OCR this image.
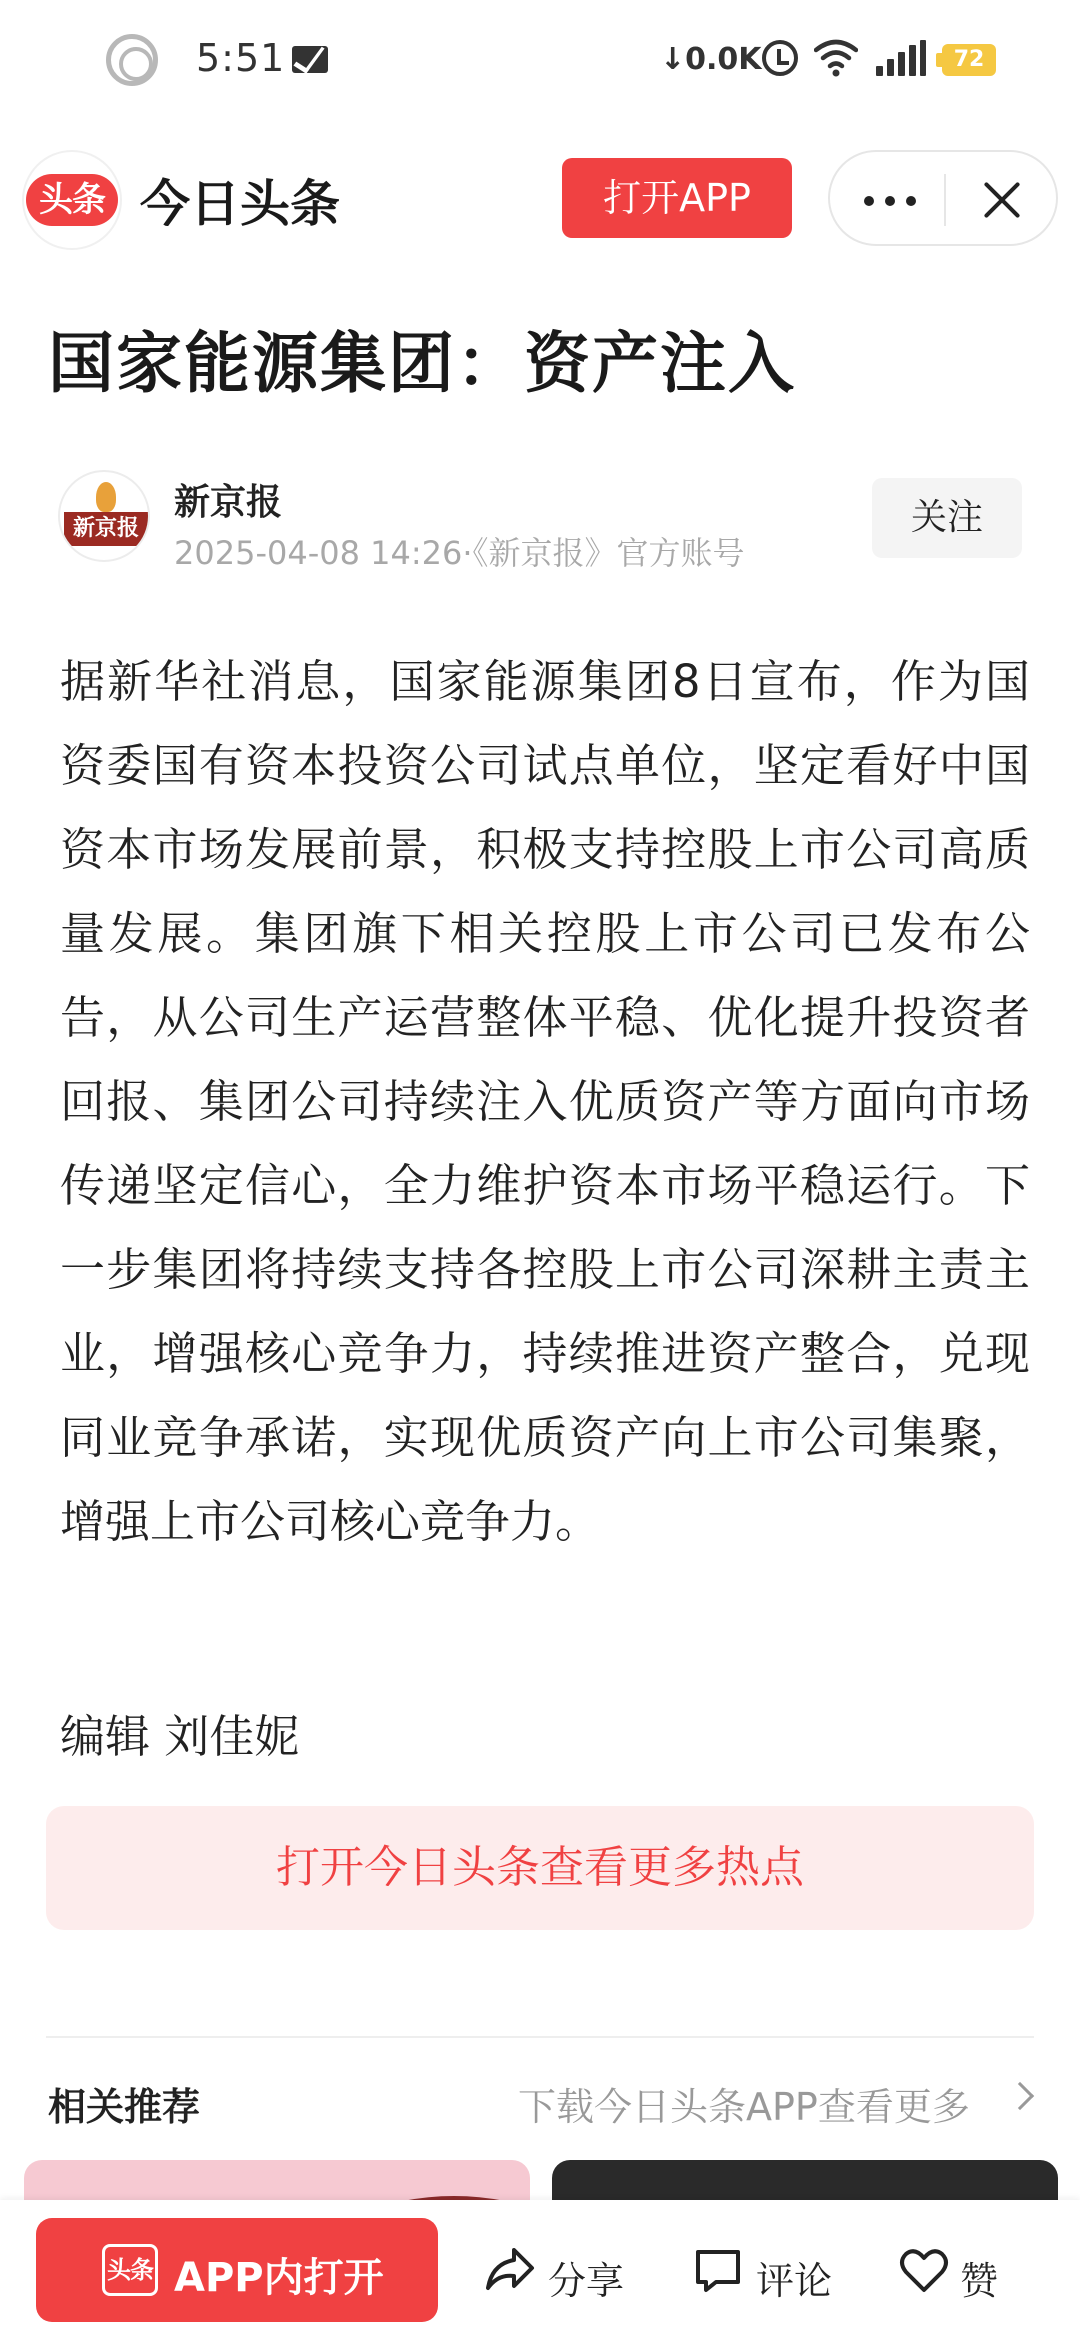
5:51	↓0.0K	72
头条 今日头条	打开APP
国家能源集团：资产注入
新京报
新京报
2025-04-08 14:26·《新京报》官方账号
关注
据新华社消息，国家能源集团8日宣布，作为国资委国有资本投资公司试点单位，坚定看好中国资本市场发展前景，积极支持控股上市公司高质量发展。集团旗下相关控股上市公司已发布公告，从公司生产运营整体平稳、优化提升投资者回报、集团公司持续注入优质资产等方面向市场传递坚定信心，全力维护资本市场平稳运行。下一步集团将持续支持各控股上市公司深耕主责主业，增强核心竞争力，持续推进资产整合，兑现同业竞争承诺，实现优质资产向上市公司集聚，增强上市公司核心竞争力。
编辑 刘佳妮
打开今日头条查看更多热点
相关推荐	下载今日头条APP查看更多
头条 APP内打开	分享	评论	赞
